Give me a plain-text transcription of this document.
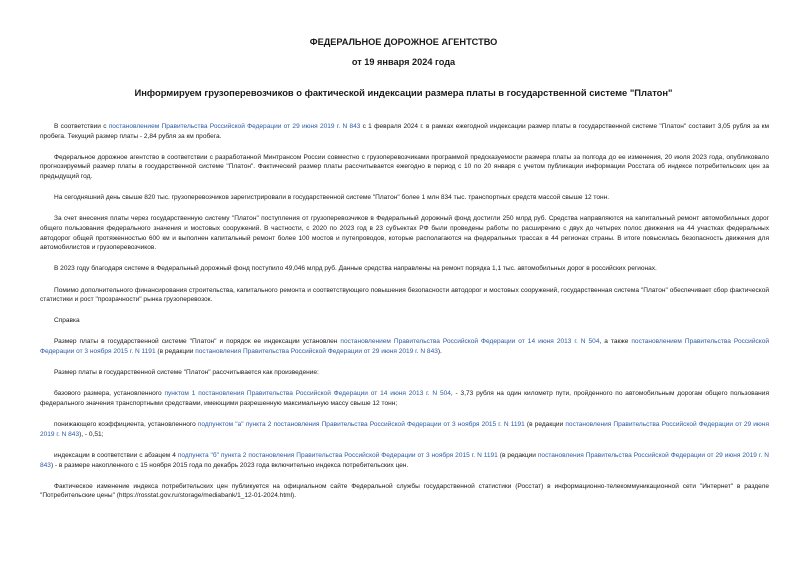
ФЕДЕРАЛЬНОЕ ДОРОЖНОЕ АГЕНТСТВО
от 19 января 2024 года
Информируем грузоперевозчиков о фактической индексации размера платы в государственной системе "Платон"

В соответствии с постановлением Правительства Российской Федерации от 29 июня 2019 г. N 843 с 1 февраля 2024 г. в рамках ежегодной индексации размер платы в государственной системе "Платон" составит 3,05 рубля за км пробега. Текущий размер платы - 2,84 рубля за км пробега.

Федеральное дорожное агентство в соответствии с разработанной Минтрансом России совместно с грузоперевозчиками программой предсказуемости размера платы за полгода до ее изменения, 20 июля 2023 года, опубликовало прогнозируемый размер платы в государственной системе "Платон". Фактический размер платы рассчитывается ежегодно в период с 10 по 20 января с учетом публикации информации Росстата об индексе потребительских цен за предыдущий год.

На сегодняшний день свыше 820 тыс. грузоперевозчиков зарегистрировали в государственной системе "Платон" более 1 млн 834 тыс. транспортных средств массой свыше 12 тонн.

За счет внесения платы через государственную систему "Платон" поступления от грузоперевозчиков в Федеральный дорожный фонд достигли 250 млрд руб. Средства направляются на капитальный ремонт автомобильных дорог общего пользования федерального значения и мостовых сооружений. В частности, с 2020 по 2023 год в 23 субъектах РФ были проведены работы по расширению с двух до четырех полос движения на 44 участках федеральных автодорог общей протяженностью 600 км и выполнен капитальный ремонт более 100 мостов и путепроводов, которые располагаются на федеральных трассах в 44 регионах страны. В итоге повысилась безопасность движения для автомобилистов и грузоперевозчиков.

В 2023 году благодаря системе в Федеральный дорожный фонд поступило 49,046 млрд руб. Данные средства направлены на ремонт порядка 1,1 тыс. автомобильных дорог в российских регионах.

Помимо дополнительного финансирования строительства, капитального ремонта и соответствующего повышения безопасности автодорог и мостовых сооружений, государственная система "Платон" обеспечивает сбор фактической статистики и рост "прозрачности" рынка грузоперевозок.

Справка

Размер платы в государственной системе "Платон" и порядок ее индексации установлен постановлением Правительства Российской Федерации от 14 июня 2013 г. N 504, а также постановлением Правительства Российской Федерации от 3 ноября 2015 г. N 1191 (в редакции постановления Правительства Российской Федерации от 29 июня 2019 г. N 843).

Размер платы в государственной системе "Платон" рассчитывается как произведение:

базового размера, установленного пунктом 1 постановления Правительства Российской Федерации от 14 июня 2013 г. N 504, - 3,73 рубля на один километр пути, пройденного по автомобильным дорогам общего пользования федерального значения транспортными средствами, имеющими разрешенную максимальную массу свыше 12 тонн;

понижающего коэффициента, установленного подпунктом "а" пункта 2 постановления Правительства Российской Федерации от 3 ноября 2015 г. N 1191 (в редакции постановления Правительства Российской Федерации от 29 июня 2019 г. N 843), - 0,51;

индексации в соответствии с абзацем 4 подпункта "б" пункта 2 постановления Правительства Российской Федерации от 3 ноября 2015 г. N 1191 (в редакции постановления Правительства Российской Федерации от 29 июня 2019 г. N 843) - в размере накопленного с 15 ноября 2015 года по декабрь 2023 года включительно индекса потребительских цен.

Фактическое изменение индекса потребительских цен публикуется на официальном сайте Федеральной службы государственной статистики (Росстат) в информационно-телекоммуникационной сети "Интернет" в разделе "Потребительские цены" (https://rosstat.gov.ru/storage/mediabank/1_12-01-2024.html).
